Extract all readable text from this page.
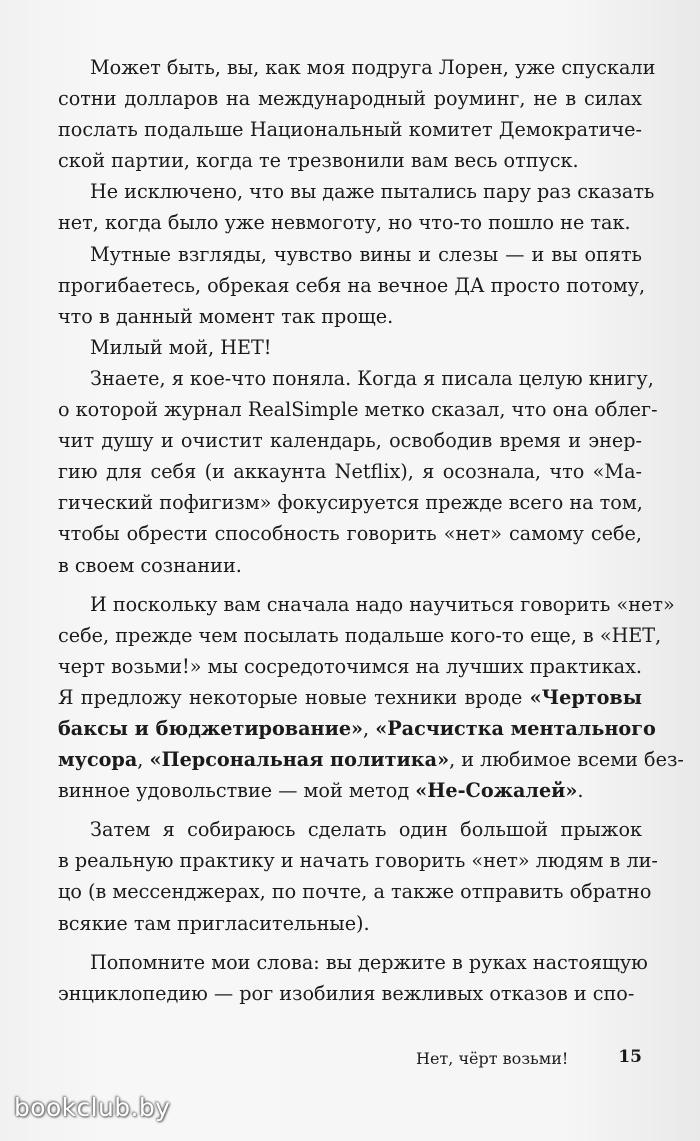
Может быть, вы, как моя подруга Лорен, уже спускали
сотни долларов на международный роуминг, не в силах
послать подальше Национальный комитет Демократиче-
ской партии, когда те трезвонили вам весь отпуск.
Не исключено, что вы даже пытались пару раз сказать
нет, когда было уже невмоготу, но что-то пошло не так.
Мутные взгляды, чувство вины и слезы — и вы опять
прогибаетесь, обрекая себя на вечное ДА просто потому,
что в данный момент так проще.
Милый мой, НЕТ!
Знаете, я кое-что поняла. Когда я писала целую книгу,
о которой журнал RealSimple метко сказал, что она облег-
чит душу и очистит календарь, освободив время и энер-
гию для себя (и аккаунта Netflix), я осознала, что «Ма-
гический пофигизм» фокусируется прежде всего на том,
чтобы обрести способность говорить «нет» самому себе,
в своем сознании.
И поскольку вам сначала надо научиться говорить «нет»
себе, прежде чем посылать подальше кого-то еще, в «НЕТ,
черт возьми!» мы сосредоточимся на лучших практиках.
Я предложу некоторые новые техники вроде «Чертовы
баксы и бюджетирование», «Расчистка ментального
мусора, «Персональная политика», и любимое всеми без-
винное удовольствие — мой метод «Не-Сожалей».
Затем я собираюсь сделать один большой прыжок
в реальную практику и начать говорить «нет» людям в ли-
цо (в мессенджерах, по почте, а также отправить обратно
всякие там пригласительные).
Попомните мои слова: вы держите в руках настоящую
энциклопедию — рог изобилия вежливых отказов и спо-
Нет, чёрт возьми!	15
bookclub.by
